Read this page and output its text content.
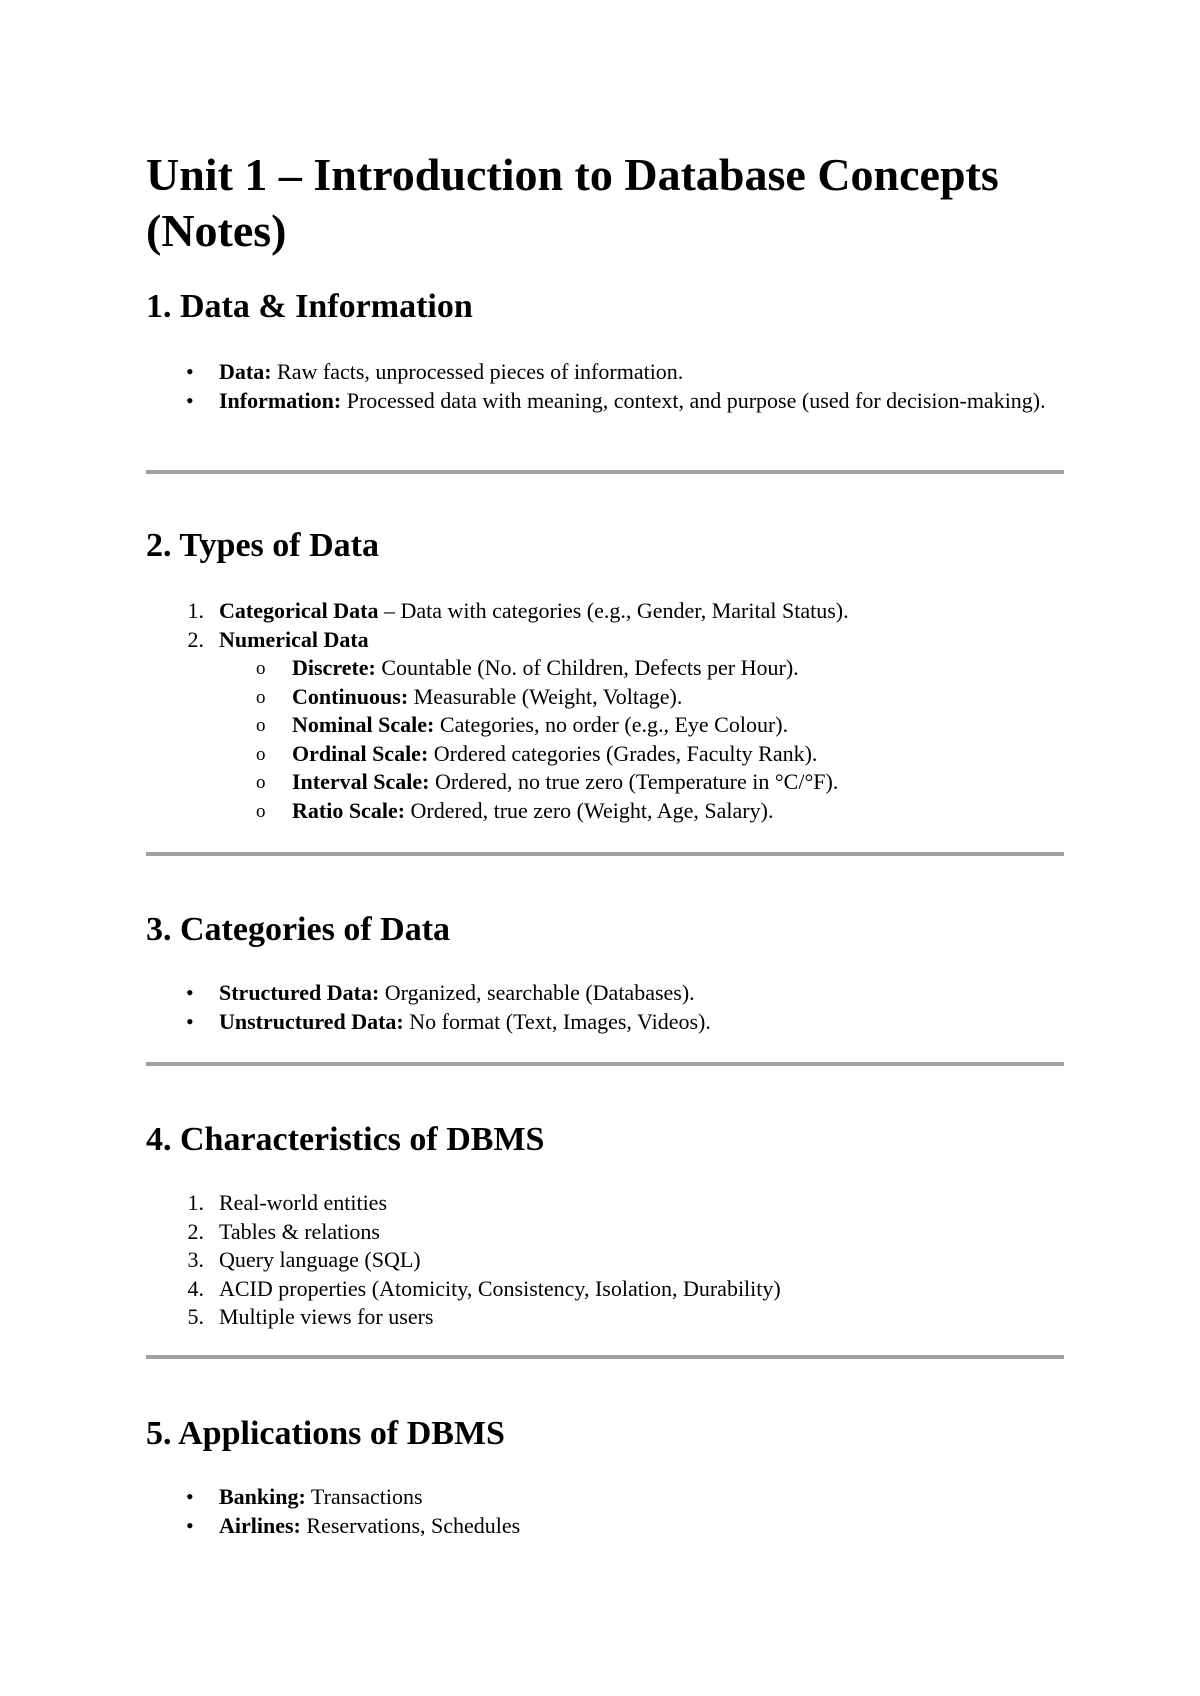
Unit 1 – Introduction to Database Concepts (Notes)
1. Data & Information
• Data: Raw facts, unprocessed pieces of information.
• Information: Processed data with meaning, context, and purpose (used for decision-making).
2. Types of Data
1. Categorical Data – Data with categories (e.g., Gender, Marital Status).
2. Numerical Data
o Discrete: Countable (No. of Children, Defects per Hour).
o Continuous: Measurable (Weight, Voltage).
o Nominal Scale: Categories, no order (e.g., Eye Colour).
o Ordinal Scale: Ordered categories (Grades, Faculty Rank).
o Interval Scale: Ordered, no true zero (Temperature in °C/°F).
o Ratio Scale: Ordered, true zero (Weight, Age, Salary).
3. Categories of Data
• Structured Data: Organized, searchable (Databases).
• Unstructured Data: No format (Text, Images, Videos).
4. Characteristics of DBMS
1. Real-world entities
2. Tables & relations
3. Query language (SQL)
4. ACID properties (Atomicity, Consistency, Isolation, Durability)
5. Multiple views for users
5. Applications of DBMS
• Banking: Transactions
• Airlines: Reservations, Schedules
